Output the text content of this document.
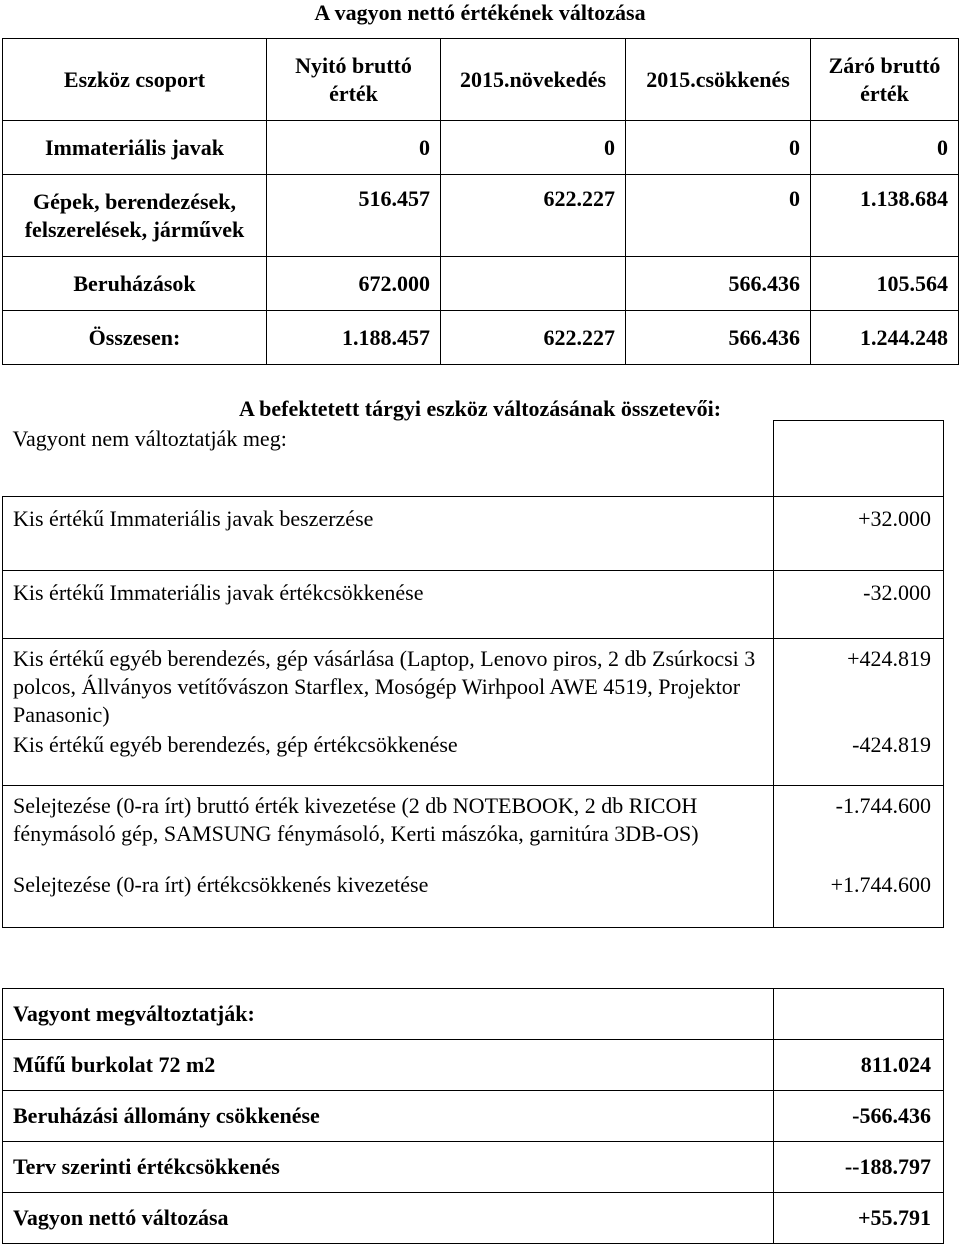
A vagyon nettó értékének változása
Eszköz csoport	Nyitó bruttó érték	2015.növekedés	2015.csökkenés	Záró bruttó érték
Immateriális javak	0	0	0	0
Gépek, berendezések, felszerelések, járművek	516.457	622.227	0	1.138.684
Beruházások	672.000		566.436	105.564
Összesen:	1.188.457	622.227	566.436	1.244.248
A befektetett tárgyi eszköz változásának összetevői:
Vagyont nem változtatják meg:	
Kis értékű Immateriális javak beszerzése	+32.000
Kis értékű Immateriális javak értékcsökkenése	-32.000
Kis értékű egyéb berendezés, gép vásárlása (Laptop, Lenovo piros, 2 db Zsúrkocsi 3 polcos, Állványos vetítővászon Starflex, Mosógép Wirhpool AWE 4519, Projektor Panasonic)	+424.819
Kis értékű egyéb berendezés, gép értékcsökkenése	-424.819
Selejtezése (0-ra írt) bruttó érték kivezetése (2 db NOTEBOOK, 2 db RICOH fénymásoló gép, SAMSUNG fénymásoló, Kerti mászóka, garnitúra 3DB-OS)	-1.744.600
Selejtezése (0-ra írt) értékcsökkenés kivezetése	+1.744.600
Vagyont megváltoztatják:	
Műfű burkolat 72 m2	811.024
Beruházási állomány csökkenése	-566.436
Terv szerinti értékcsökkenés	--188.797
Vagyon nettó változása	+55.791
